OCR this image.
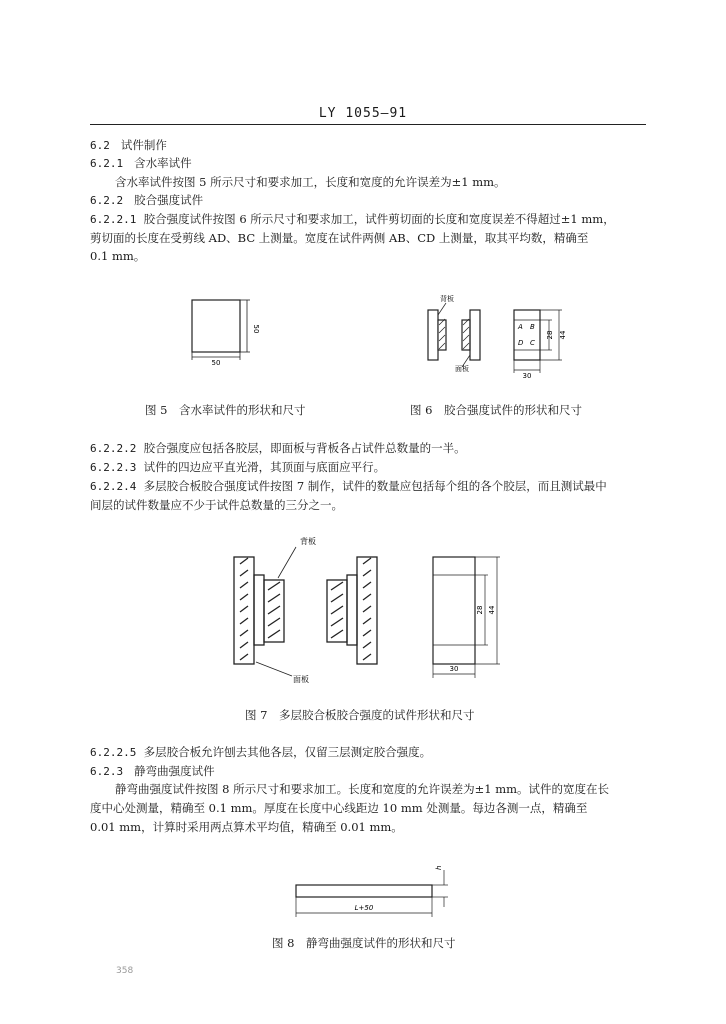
LY 1055—91
6.2 试件制作
6.2.1 含水率试件
含水率试件按图 5 所示尺寸和要求加工，长度和宽度的允许误差为±1 mm。
6.2.2 胶合强度试件
6.2.2.1 胶合强度试件按图 6 所示尺寸和要求加工，试件剪切面的长度和宽度误差不得超过±1 mm，
剪切面的长度在受剪线 AD、BC 上测量。宽度在试件两侧 AB、CD 上测量，取其平均数，精确至
0.1 mm。
50
50
背板
面板
A B
D C
30
28 44
图 5　含水率试件的形状和尺寸	图 6　胶合强度试件的形状和尺寸
6.2.2.2 胶合强度应包括各胶层，即面板与背板各占试件总数量的一半。
6.2.2.3 试件的四边应平直光滑，其顶面与底面应平行。
6.2.2.4 多层胶合板胶合强度试件按图 7 制作，试件的数量应包括每个组的各个胶层，而且测试最中
间层的试件数量应不少于试件总数量的三分之一。
背板
面板
30
28 44
图 7　多层胶合板胶合强度的试件形状和尺寸
6.2.2.5 多层胶合板允许刨去其他各层，仅留三层测定胶合强度。
6.2.3 静弯曲强度试件
静弯曲强度试件按图 8 所示尺寸和要求加工。长度和宽度的允许误差为±1 mm。试件的宽度在长
度中心处测量，精确至 0.1 mm。厚度在长度中心线距边 10 mm 处测量。每边各测一点，精确至
0.01 mm，计算时采用两点算术平均值，精确至 0.01 mm。
L+50
h
图 8　静弯曲强度试件的形状和尺寸
358
